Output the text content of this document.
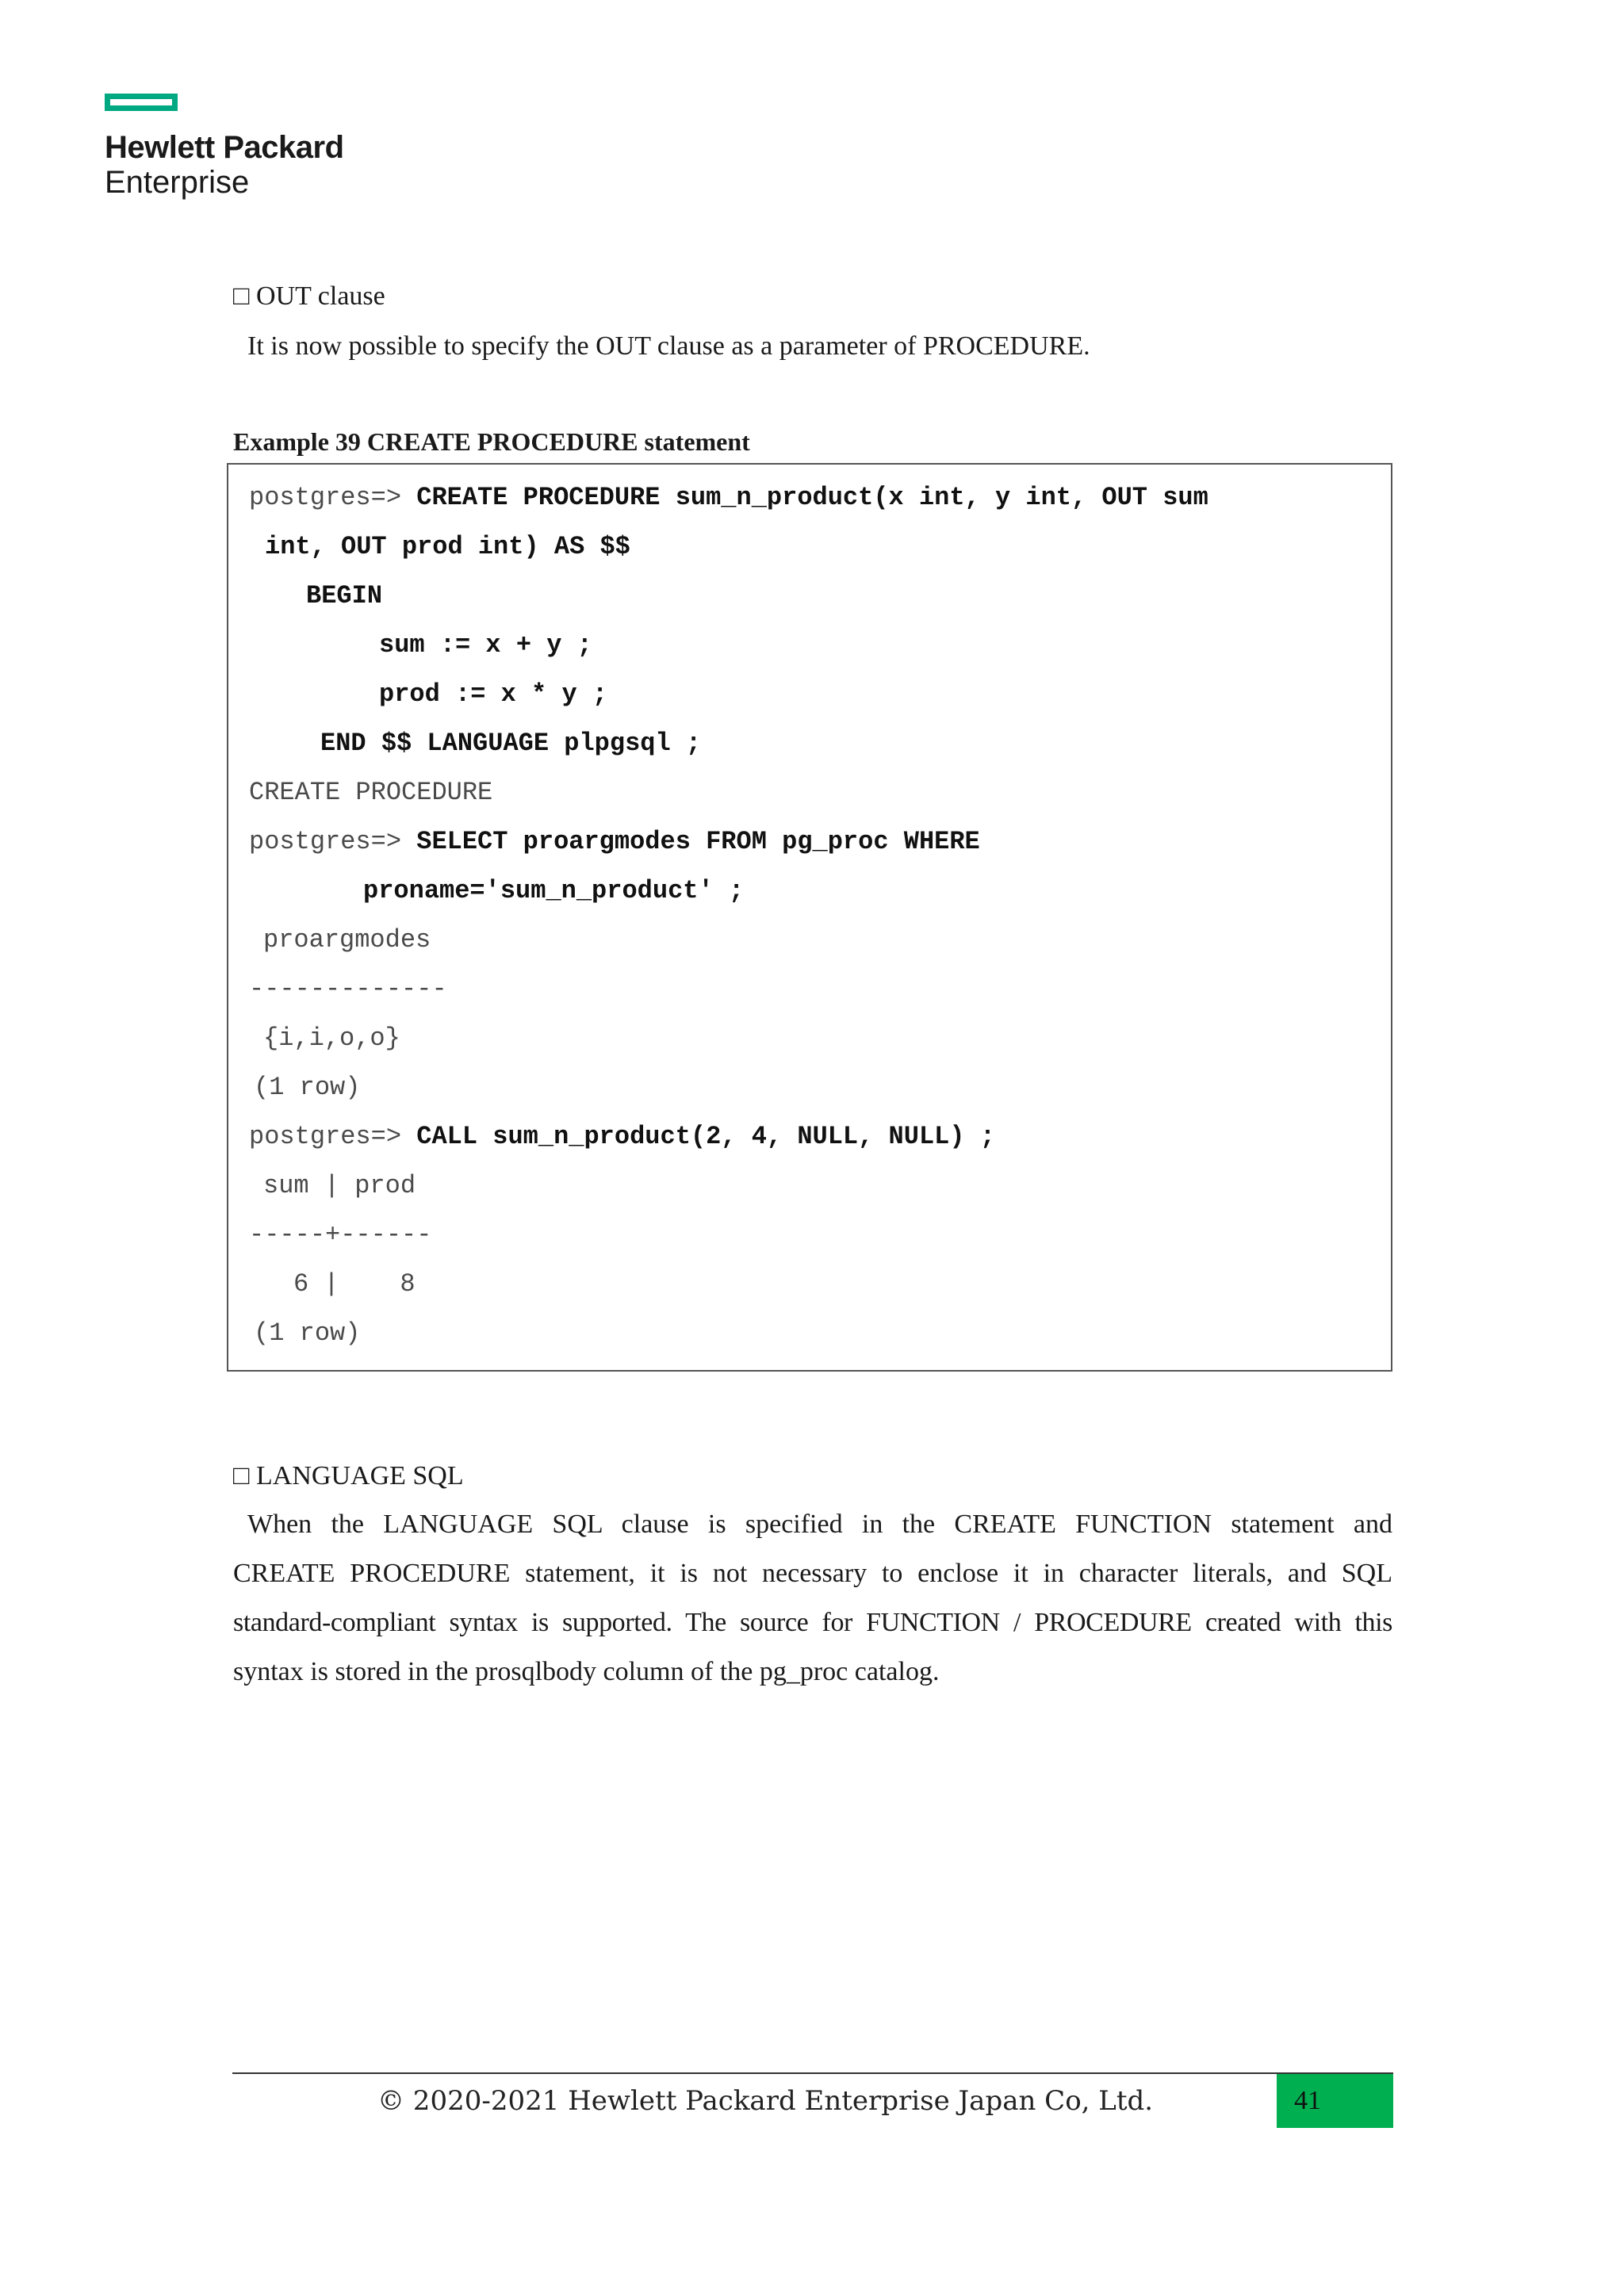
Hewlett Packard
Enterprise
□ OUT clause
It is now possible to specify the OUT clause as a parameter of PROCEDURE.
Example 39 CREATE PROCEDURE statement
postgres=> CREATE PROCEDURE sum_n_product(x int, y int, OUT sum
int, OUT prod int) AS $$
BEGIN
sum := x + y ;
prod := x * y ;
END $$ LANGUAGE plpgsql ;
CREATE PROCEDURE
postgres=> SELECT proargmodes FROM pg_proc WHERE
proname='sum_n_product' ;
proargmodes
-------------
{i,i,o,o}
(1 row)
postgres=> CALL sum_n_product(2, 4, NULL, NULL) ;
sum | prod
-----+------
6 |    8
(1 row)
□ LANGUAGE SQL
When the LANGUAGE SQL clause is specified in the CREATE FUNCTION statement and
CREATE PROCEDURE statement, it is not necessary to enclose it in character literals, and SQL
standard-compliant syntax is supported. The source for FUNCTION / PROCEDURE created with this
syntax is stored in the prosqlbody column of the pg_proc catalog.
© 2020-2021 Hewlett Packard Enterprise Japan Co, Ltd.	41
